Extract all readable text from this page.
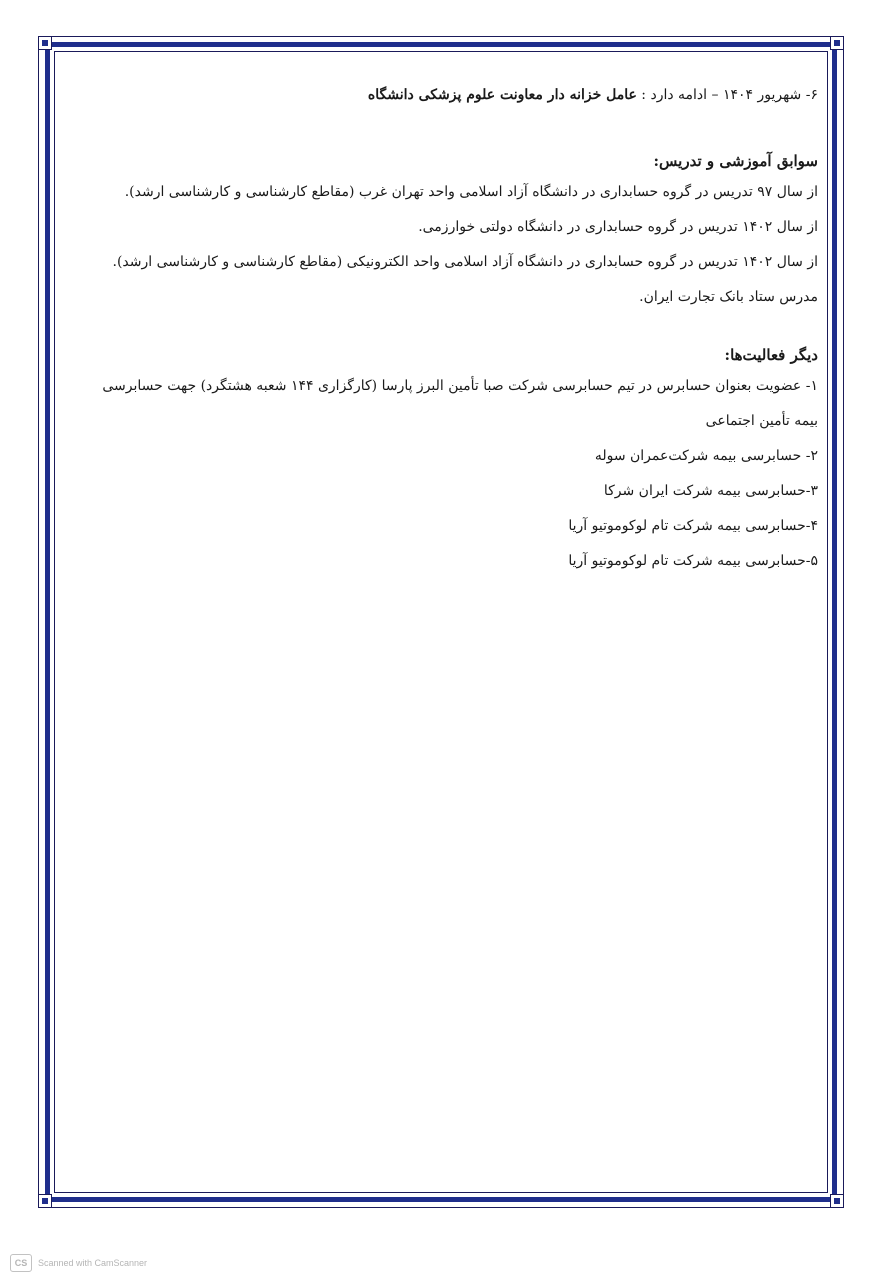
۶- شهریور ۱۴۰۴ – ادامه دارد : عامل خزانه دار معاونت علوم پزشکی دانشگاه
سوابق آموزشی و تدریس:
از سال ۹۷ تدریس در گروه حسابداری در دانشگاه آزاد اسلامی واحد تهران غرب (مقاطع کارشناسی و کارشناسی ارشد).
از سال ۱۴۰۲ تدریس در گروه حسابداری در دانشگاه دولتی خوارزمی.
از سال ۱۴۰۲ تدریس در گروه حسابداری در دانشگاه آزاد اسلامی واحد الکترونیکی (مقاطع کارشناسی و کارشناسی ارشد).
مدرس ستاد بانک تجارت ایران.
دیگر فعالیت‌ها:
۱- عضویت بعنوان حسابرس در تیم حسابرسی شرکت صبا تأمین البرز پارسا (کارگزاری ۱۴۴ شعبه هشتگرد) جهت حسابرسی
بیمه تأمین اجتماعی
۲- حسابرسی بیمه شرکت‌عمران سوله
۳-حسابرسی بیمه شرکت ایران شرکا
۴-حسابرسی بیمه شرکت تام لوکوموتیو آریا
۵-حسابرسی بیمه شرکت تام لوکوموتیو آریا
CS	Scanned with CamScanner
